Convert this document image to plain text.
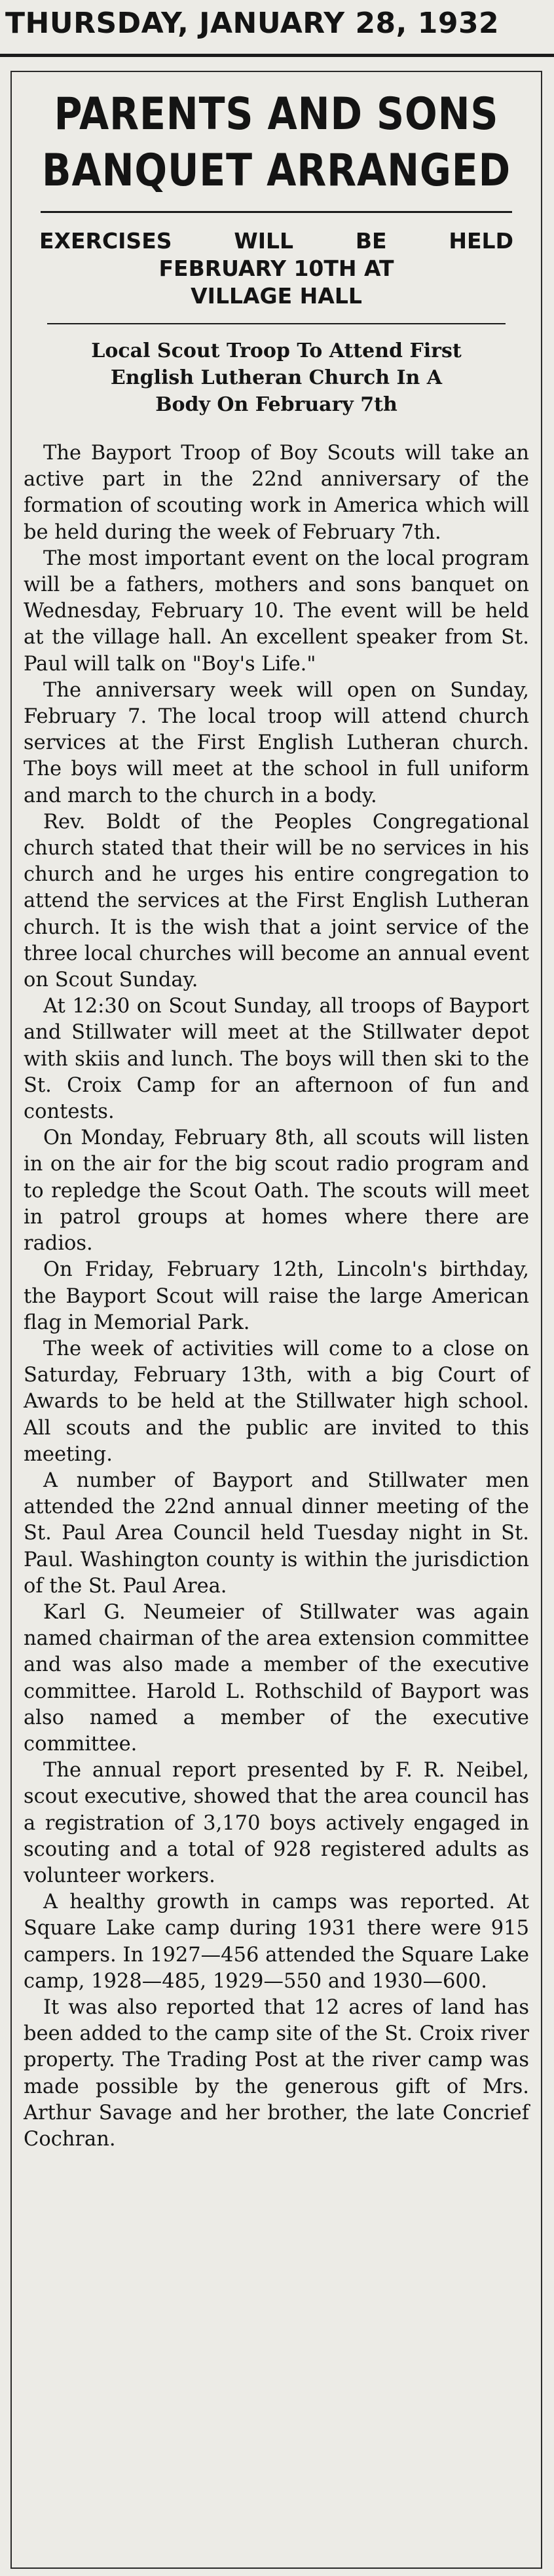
THURSDAY, JANUARY 28, 1932
PARENTS AND SONS
BANQUET ARRANGED
EXERCISES	WILL	BE	HELD
FEBRUARY 10TH AT
VILLAGE HALL
Local Scout Troop To Attend First
English Lutheran Church In A
Body On February 7th

The Bayport Troop of Boy Scouts will take an active part in the 22nd anniversary of the formation of scouting work in America which will be held during the week of February 7th.

The most important event on the local program will be a fathers, mothers and sons banquet on Wednesday, February 10. The event will be held at the village hall. An excellent speaker from St. Paul will talk on "Boy's Life."

The anniversary week will open on Sunday, February 7. The local troop will attend church services at the First English Lutheran church. The boys will meet at the school in full uniform and march to the church in a body.

Rev. Boldt of the Peoples Congregational church stated that their will be no services in his church and he urges his entire congregation to attend the services at the First English Lutheran church. It is the wish that a joint service of the three local churches will become an annual event on Scout Sunday.

At 12:30 on Scout Sunday, all troops of Bayport and Stillwater will meet at the Stillwater depot with skiis and lunch. The boys will then ski to the St. Croix Camp for an afternoon of fun and contests.

On Monday, February 8th, all scouts will listen in on the air for the big scout radio program and to repledge the Scout Oath. The scouts will meet in patrol groups at homes where there are radios.

On Friday, February 12th, Lincoln's birthday, the Bayport Scout will raise the large American flag in Memorial Park.

The week of activities will come to a close on Saturday, February 13th, with a big Court of Awards to be held at the Stillwater high school. All scouts and the public are invited to this meeting.

A number of Bayport and Stillwater men attended the 22nd annual dinner meeting of the St. Paul Area Council held Tuesday night in St. Paul. Washington county is within the jurisdiction of the St. Paul Area.

Karl G. Neumeier of Stillwater was again named chairman of the area extension committee and was also made a member of the executive committee. Harold L. Rothschild of Bayport was also named a member of the executive committee.

The annual report presented by F. R. Neibel, scout executive, showed that the area council has a registration of 3,170 boys actively engaged in scouting and a total of 928 registered adults as volunteer workers.

A healthy growth in camps was reported. At Square Lake camp during 1931 there were 915 campers. In 1927—456 attended the Square Lake camp, 1928—485, 1929—550 and 1930—600.

It was also reported that 12 acres of land has been added to the camp site of the St. Croix river property. The Trading Post at the river camp was made possible by the generous gift of Mrs. Arthur Savage and her brother, the late Concrief Cochran.
